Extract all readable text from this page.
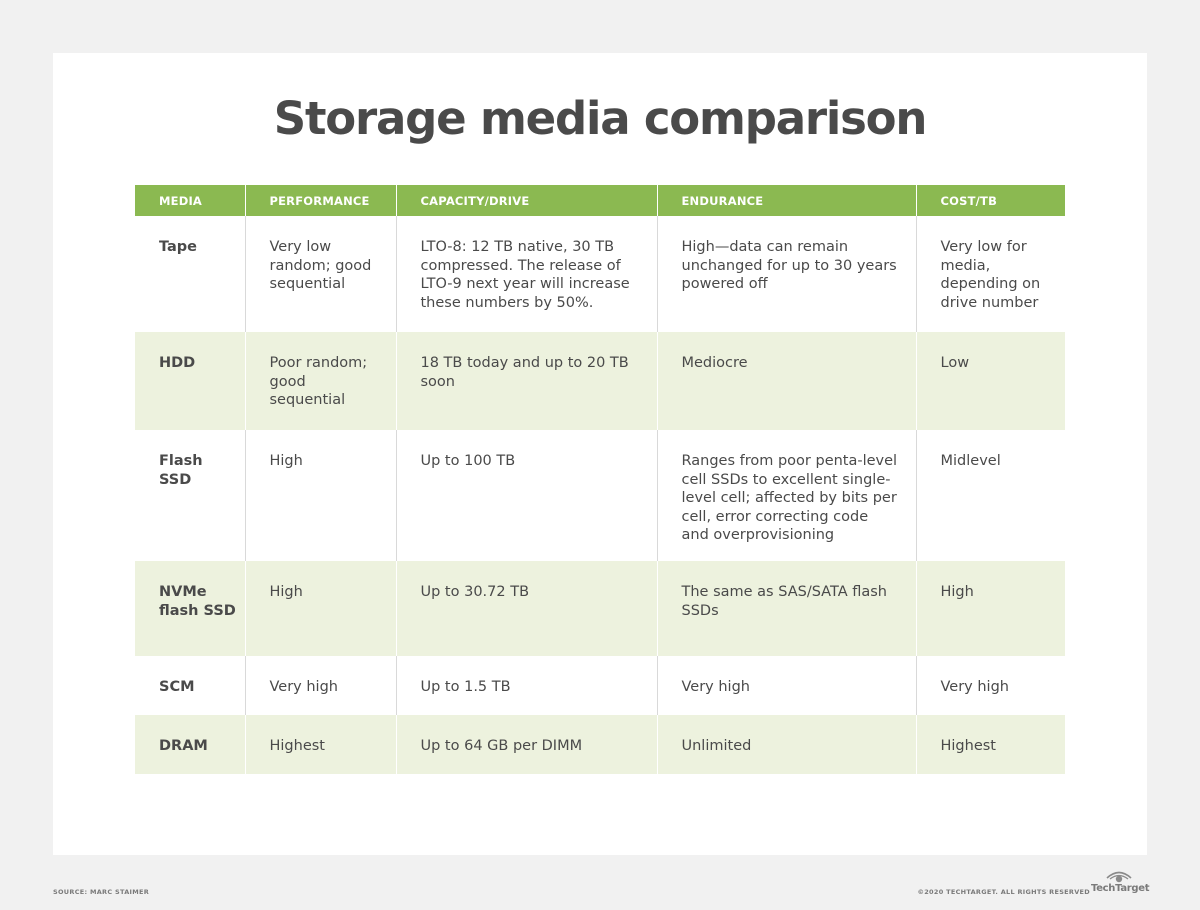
Storage media comparison
MEDIA	PERFORMANCE	CAPACITY/DRIVE	ENDURANCE	COST/TB
Tape	Very low random; good sequential	LTO-8: 12 TB native, 30 TB compressed. The release of LTO-9 next year will increase these numbers by 50%.	High—data can remain unchanged for up to 30 years powered off	Very low for media, depending on drive number
HDD	Poor random; good sequential	18 TB today and up to 20 TB soon	Mediocre	Low
Flash SSD	High	Up to 100 TB	Ranges from poor penta-level cell SSDs to excellent single-level cell; affected by bits per cell, error correcting code and overprovisioning	Midlevel
NVMe flash SSD	High	Up to 30.72 TB	The same as SAS/SATA flash SSDs	High
SCM	Very high	Up to 1.5 TB	Very high	Very high
DRAM	Highest	Up to 64 GB per DIMM	Unlimited	Highest
SOURCE: MARC STAIMER	©2020 TECHTARGET. ALL RIGHTS RESERVED TechTarget
